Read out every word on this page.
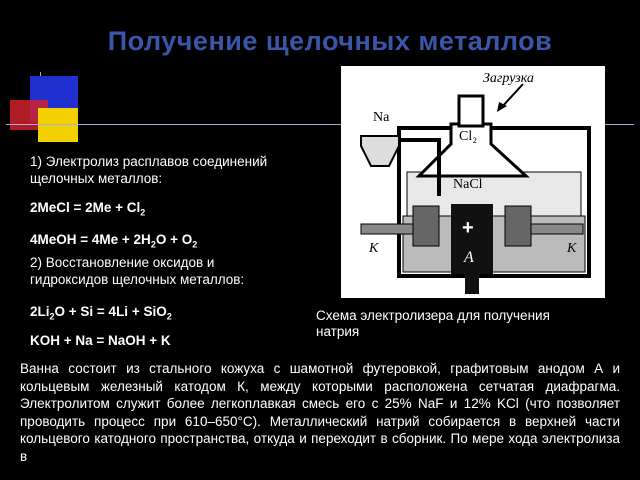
Получение щелочных металлов
1) Электролиз расплавов соединений
щелочных металлов:
2MeCl = $2Me + Cl_2$
4MeOH = $4Me + 2H_2O + O_2$
2) Восстановление оксидов и
гидроксидов щелочных металлов:
$2Li_2O + Si = 4Li + SiO_2$
KOH + Na = NaOH + K
Загрузка
Na
Cl₂
NaCl
K	K
+
A
Схема электролизера для получения
натрия
Ванна состоит из стального кожуха с шамотной футеровкой, графитовым анодом А и кольцевым железный катодом К, между которыми расположена сетчатая диафрагма. Электролитом служит более легкоплавкая смесь его с 25% NaF и 12% KCl (что позволяет проводить процесс при 610–650°C). Металлический натрий собирается в верхней части кольцевого катодного пространства, откуда и переходит в сборник. По мере хода электролиза в
